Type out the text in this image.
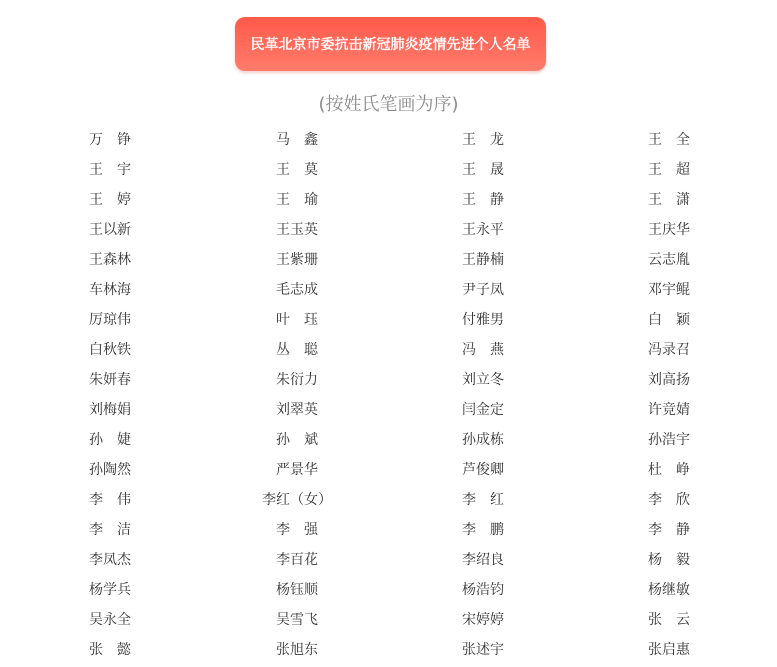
民革北京市委抗击新冠肺炎疫情先进个人名单
(按姓氏笔画为序)
万　铮	马　鑫	王　龙	王　全
王　宇	王　莫	王　晟	王　超
王　婷	王　瑜	王　静	王　潇
王以新	王玉英	王永平	王庆华
王森林	王紫珊	王静楠	云志胤
车林海	毛志成	尹子凤	邓宇鲲
厉琼伟	叶　珏	付雅男	白　颖
白秋铁	丛　聪	冯　燕	冯录召
朱妍春	朱衍力	刘立冬	刘高扬
刘梅娟	刘翠英	闫金定	许竞婧
孙　婕	孙　斌	孙成栋	孙浩宇
孙陶然	严景华	芦俊卿	杜　峥
李　伟	李红（女）	李　红	李　欣
李　洁	李　强	李　鹏	李　静
李凤杰	李百花	李绍良	杨　毅
杨学兵	杨钰顺	杨浩钧	杨继敏
吴永全	吴雪飞	宋婷婷	张　云
张　懿	张旭东	张述宇	张启惠
